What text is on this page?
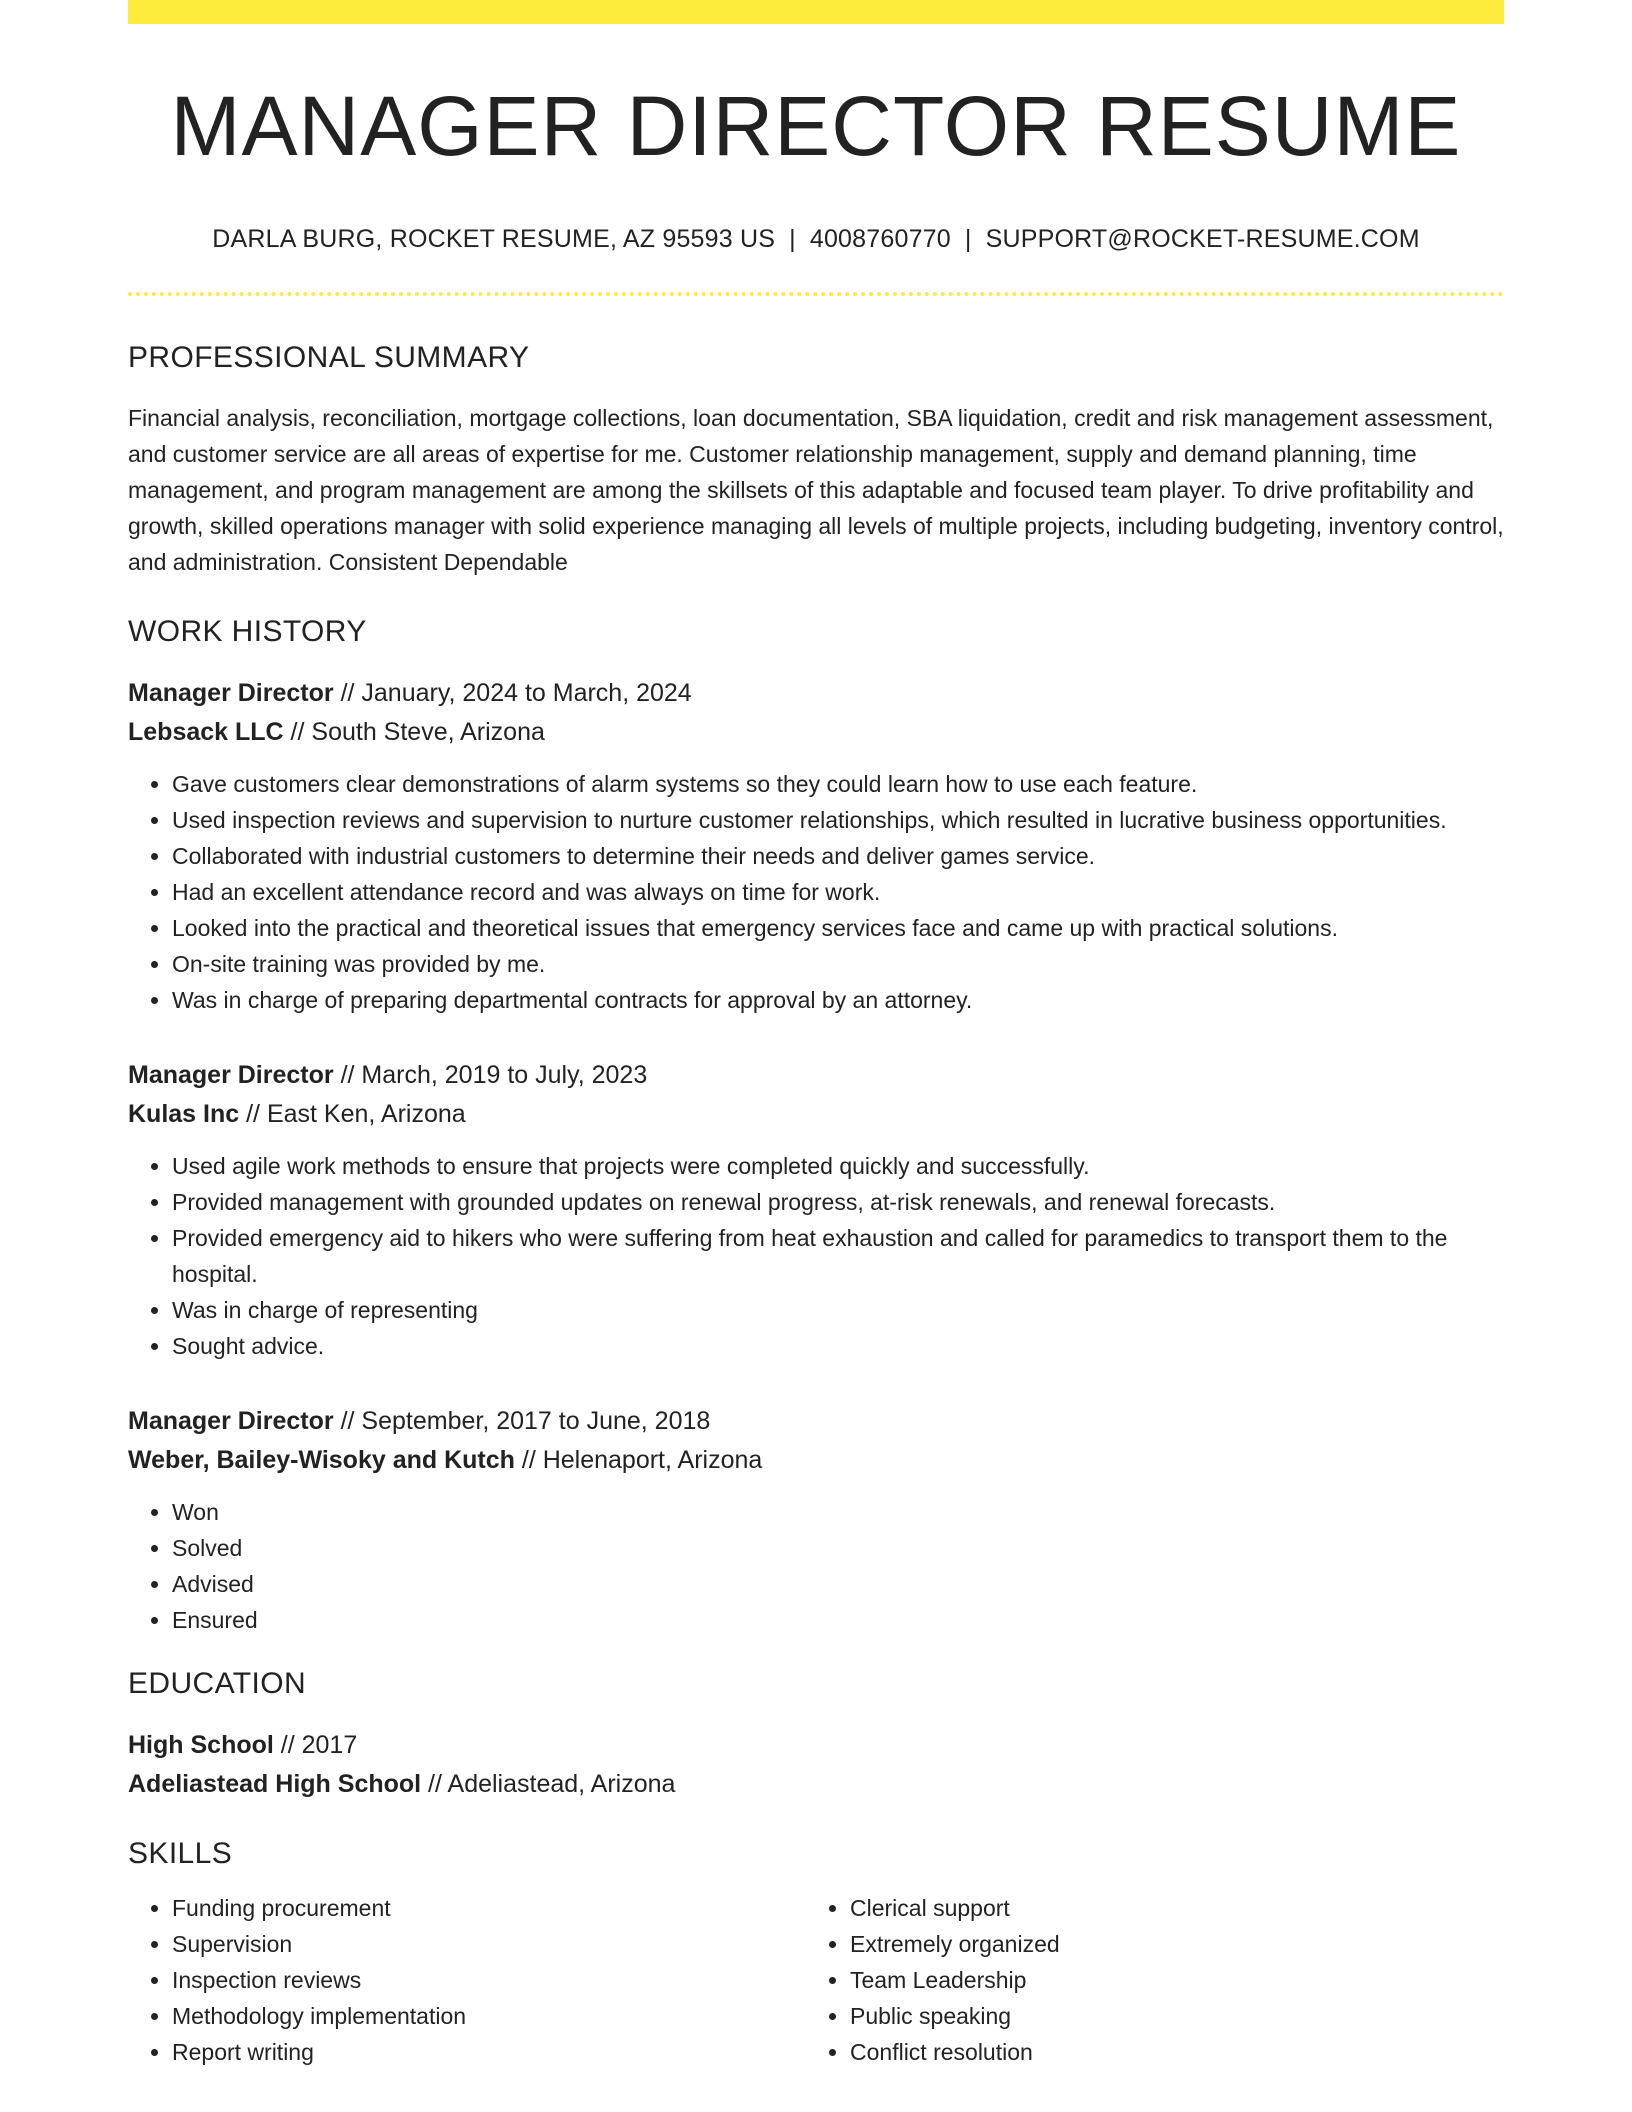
MANAGER DIRECTOR RESUME
DARLA BURG, ROCKET RESUME, AZ 95593 US | 4008760770 | SUPPORT@ROCKET-RESUME.COM
PROFESSIONAL SUMMARY
Financial analysis, reconciliation, mortgage collections, loan documentation, SBA liquidation, credit and risk management assessment, and customer service are all areas of expertise for me. Customer relationship management, supply and demand planning, time management, and program management are among the skillsets of this adaptable and focused team player. To drive profitability and growth, skilled operations manager with solid experience managing all levels of multiple projects, including budgeting, inventory control, and administration. Consistent Dependable
WORK HISTORY
Manager Director // January, 2024 to March, 2024
Lebsack LLC // South Steve, Arizona
• Gave customers clear demonstrations of alarm systems so they could learn how to use each feature.
• Used inspection reviews and supervision to nurture customer relationships, which resulted in lucrative business opportunities.
• Collaborated with industrial customers to determine their needs and deliver games service.
• Had an excellent attendance record and was always on time for work.
• Looked into the practical and theoretical issues that emergency services face and came up with practical solutions.
• On-site training was provided by me.
• Was in charge of preparing departmental contracts for approval by an attorney.
Manager Director // March, 2019 to July, 2023
Kulas Inc // East Ken, Arizona
• Used agile work methods to ensure that projects were completed quickly and successfully.
• Provided management with grounded updates on renewal progress, at-risk renewals, and renewal forecasts.
• Provided emergency aid to hikers who were suffering from heat exhaustion and called for paramedics to transport them to the hospital.
• Was in charge of representing
• Sought advice.
Manager Director // September, 2017 to June, 2018
Weber, Bailey-Wisoky and Kutch // Helenaport, Arizona
• Won
• Solved
• Advised
• Ensured
EDUCATION
High School // 2017
Adeliastead High School // Adeliastead, Arizona
SKILLS
• Funding procurement
• Supervision
• Inspection reviews
• Methodology implementation
• Report writing
• Clerical support
• Extremely organized
• Team Leadership
• Public speaking
• Conflict resolution
